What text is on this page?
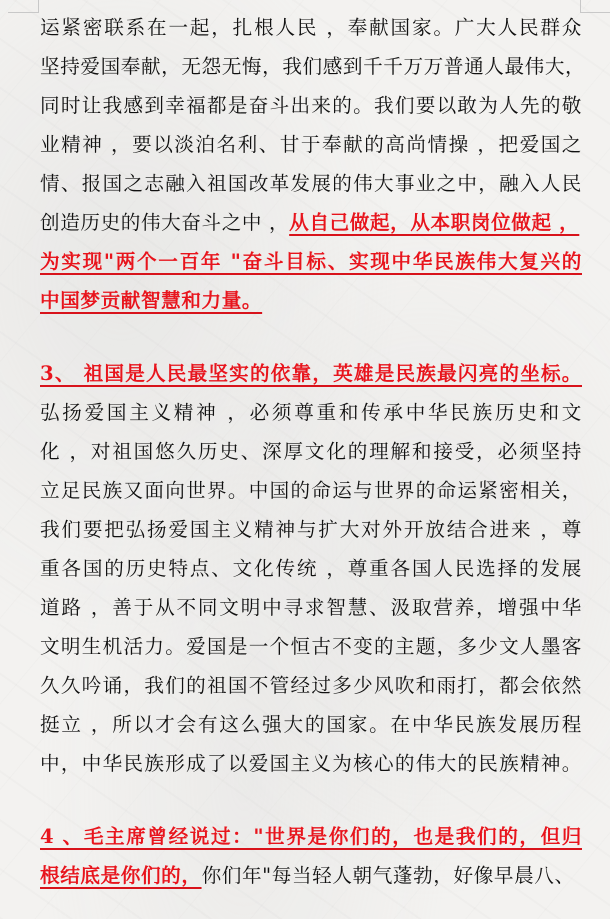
运紧密联系在一起，扎根人民 ，奉献国家。广大人民群众
坚持爱国奉献，无怨无悔，我们感到千千万万普通人最伟大，
同时让我感到幸福都是奋斗出来的。我们要以敢为人先的敬
业精神 ，要以淡泊名利、甘于奉献的高尚情操 ，把爱国之
情、报国之志融入祖国改革发展的伟大事业之中，融入人民
创造历史的伟大奋斗之中 ，从自己做起，从本职岗位做起 ，
为实现"两个一百年 "奋斗目标、实现中华民族伟大复兴的
中国梦贡献智慧和力量。
3、 祖国是人民最坚实的依靠，英雄是民族最闪亮的坐标。
弘扬爱国主义精神 ，必须尊重和传承中华民族历史和文
化 ，对祖国悠久历史、深厚文化的理解和接受，必须坚持
立足民族又面向世界。中国的命运与世界的命运紧密相关，
我们要把弘扬爱国主义精神与扩大对外开放结合进来 ，尊
重各国的历史特点、文化传统 ，尊重各国人民选择的发展
道路 ，善于从不同文明中寻求智慧、汲取营养，增强中华
文明生机活力。爱国是一个恒古不变的主题，多少文人墨客
久久吟诵，我们的祖国不管经过多少风吹和雨打，都会依然
挺立 ，所以才会有这么强大的国家。在中华民族发展历程
中，中华民族形成了以爱国主义为核心的伟大的民族精神。
4 、毛主席曾经说过："世界是你们的，也是我们的，但归
根结底是你们的，你们年"每当轻人朝气蓬勃，好像早晨八、
